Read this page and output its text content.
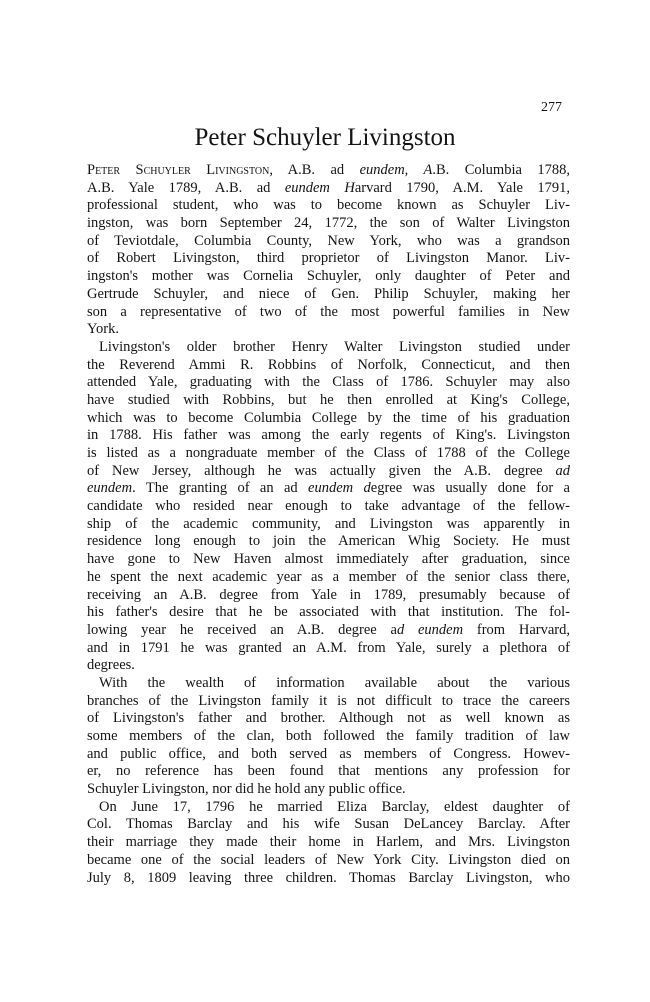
277
Peter Schuyler Livingston
Peter Schuyler Livingston, A.B. ad eundem, A.B. Columbia 1788,
A.B. Yale 1789, A.B. ad eundem Harvard 1790, A.M. Yale 1791,
professional student, who was to become known as Schuyler Liv-
ingston, was born September 24, 1772, the son of Walter Livingston
of Teviotdale, Columbia County, New York, who was a grandson
of Robert Livingston, third proprietor of Livingston Manor. Liv-
ingston's mother was Cornelia Schuyler, only daughter of Peter and
Gertrude Schuyler, and niece of Gen. Philip Schuyler, making her
son a representative of two of the most powerful families in New
York.
Livingston's older brother Henry Walter Livingston studied under
the Reverend Ammi R. Robbins of Norfolk, Connecticut, and then
attended Yale, graduating with the Class of 1786. Schuyler may also
have studied with Robbins, but he then enrolled at King's College,
which was to become Columbia College by the time of his graduation
in 1788. His father was among the early regents of King's. Livingston
is listed as a nongraduate member of the Class of 1788 of the College
of New Jersey, although he was actually given the A.B. degree ad
eundem. The granting of an ad eundem degree was usually done for a
candidate who resided near enough to take advantage of the fellow-
ship of the academic community, and Livingston was apparently in
residence long enough to join the American Whig Society. He must
have gone to New Haven almost immediately after graduation, since
he spent the next academic year as a member of the senior class there,
receiving an A.B. degree from Yale in 1789, presumably because of
his father's desire that he be associated with that institution. The fol-
lowing year he received an A.B. degree ad eundem from Harvard,
and in 1791 he was granted an A.M. from Yale, surely a plethora of
degrees.
With the wealth of information available about the various
branches of the Livingston family it is not difficult to trace the careers
of Livingston's father and brother. Although not as well known as
some members of the clan, both followed the family tradition of law
and public office, and both served as members of Congress. Howev-
er, no reference has been found that mentions any profession for
Schuyler Livingston, nor did he hold any public office.
On June 17, 1796 he married Eliza Barclay, eldest daughter of
Col. Thomas Barclay and his wife Susan DeLancey Barclay. After
their marriage they made their home in Harlem, and Mrs. Livingston
became one of the social leaders of New York City. Livingston died on
July 8, 1809 leaving three children. Thomas Barclay Livingston, who
